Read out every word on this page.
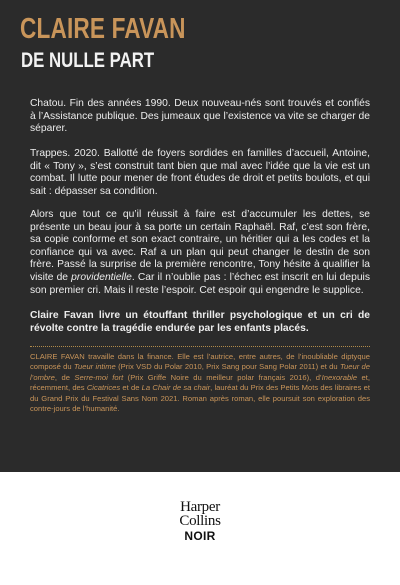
CLAIRE FAVAN
DE NULLE PART

Chatou. Fin des années 1990. Deux nouveau-nés sont trouvés et confiés à l’Assistance publique. Des jumeaux que l’existence va vite se charger de séparer.

Trappes. 2020. Ballotté de foyers sordides en familles d’accueil, Antoine, dit « Tony », s’est construit tant bien que mal avec l’idée que la vie est un combat. Il lutte pour mener de front études de droit et petits boulots, et qui sait : dépasser sa condition.

Alors que tout ce qu’il réussit à faire est d’accumuler les dettes, se présente un beau jour à sa porte un certain Raphaël. Raf, c’est son frère, sa copie conforme et son exact contraire, un héritier qui a les codes et la confiance qui va avec. Raf a un plan qui peut changer le destin de son frère. Passé la surprise de la première rencontre, Tony hésite à qualifier la visite de providentielle. Car il n’oublie pas : l’échec est inscrit en lui depuis son premier cri. Mais il reste l’espoir. Cet espoir qui engendre le supplice.

Claire Favan livre un étouffant thriller psychologique et un cri de révolte contre la tragédie endurée par les enfants placés.

CLAIRE FAVAN travaille dans la finance. Elle est l’autrice, entre autres, de l’inoubliable diptyque composé du Tueur intime (Prix VSD du Polar 2010, Prix Sang pour Sang Polar 2011) et du Tueur de l’ombre, de Serre-moi fort (Prix Griffe Noire du meilleur polar français 2016), d’Inexorable et, récemment, des Cicatrices et de La Chair de sa chair, lauréat du Prix des Petits Mots des libraires et du Grand Prix du Festival Sans Nom 2021. Roman après roman, elle poursuit son exploration des contre-jours de l’humanité.

Harper
Collins
NOIR
